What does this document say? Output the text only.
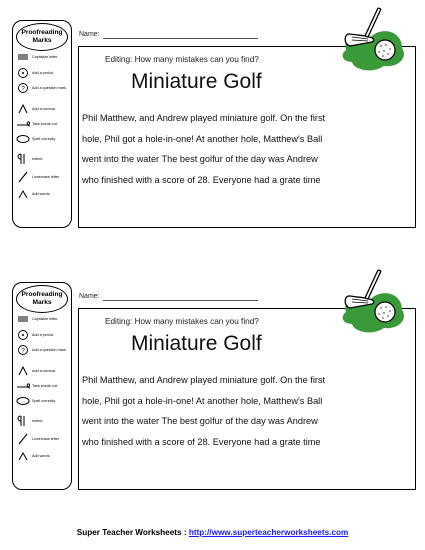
Proofreading
Marks
Capitalize letter.
Add a period.
? Add a question mark.
Add a comma.
Take words out.
Spell correctly.
Indent.
Lowercase letter.
Add words.
Name:
Editing: How many mistakes can you find?
Miniature Golf
Phil Matthew, and Andrew played miniature golf. On the first
hole, Phil got a hole-in-one! At another hole, Matthew's Ball
went into the water The best golfur of the day was Andrew
who finished with a score of 28. Everyone had a grate time
Proofreading
Marks
Capitalize letter.
Add a period.
? Add a question mark.
Add a comma.
Take words out.
Spell correctly.
Indent.
Lowercase letter.
Add words.
Name:
Editing: How many mistakes can you find?
Miniature Golf
Phil Matthew, and Andrew played miniature golf. On the first
hole, Phil got a hole-in-one! At another hole, Matthew's Ball
went into the water The best golfur of the day was Andrew
who finished with a score of 28. Everyone had a grate time
Super Teacher Worksheets : http://www.superteacherworksheets.com
